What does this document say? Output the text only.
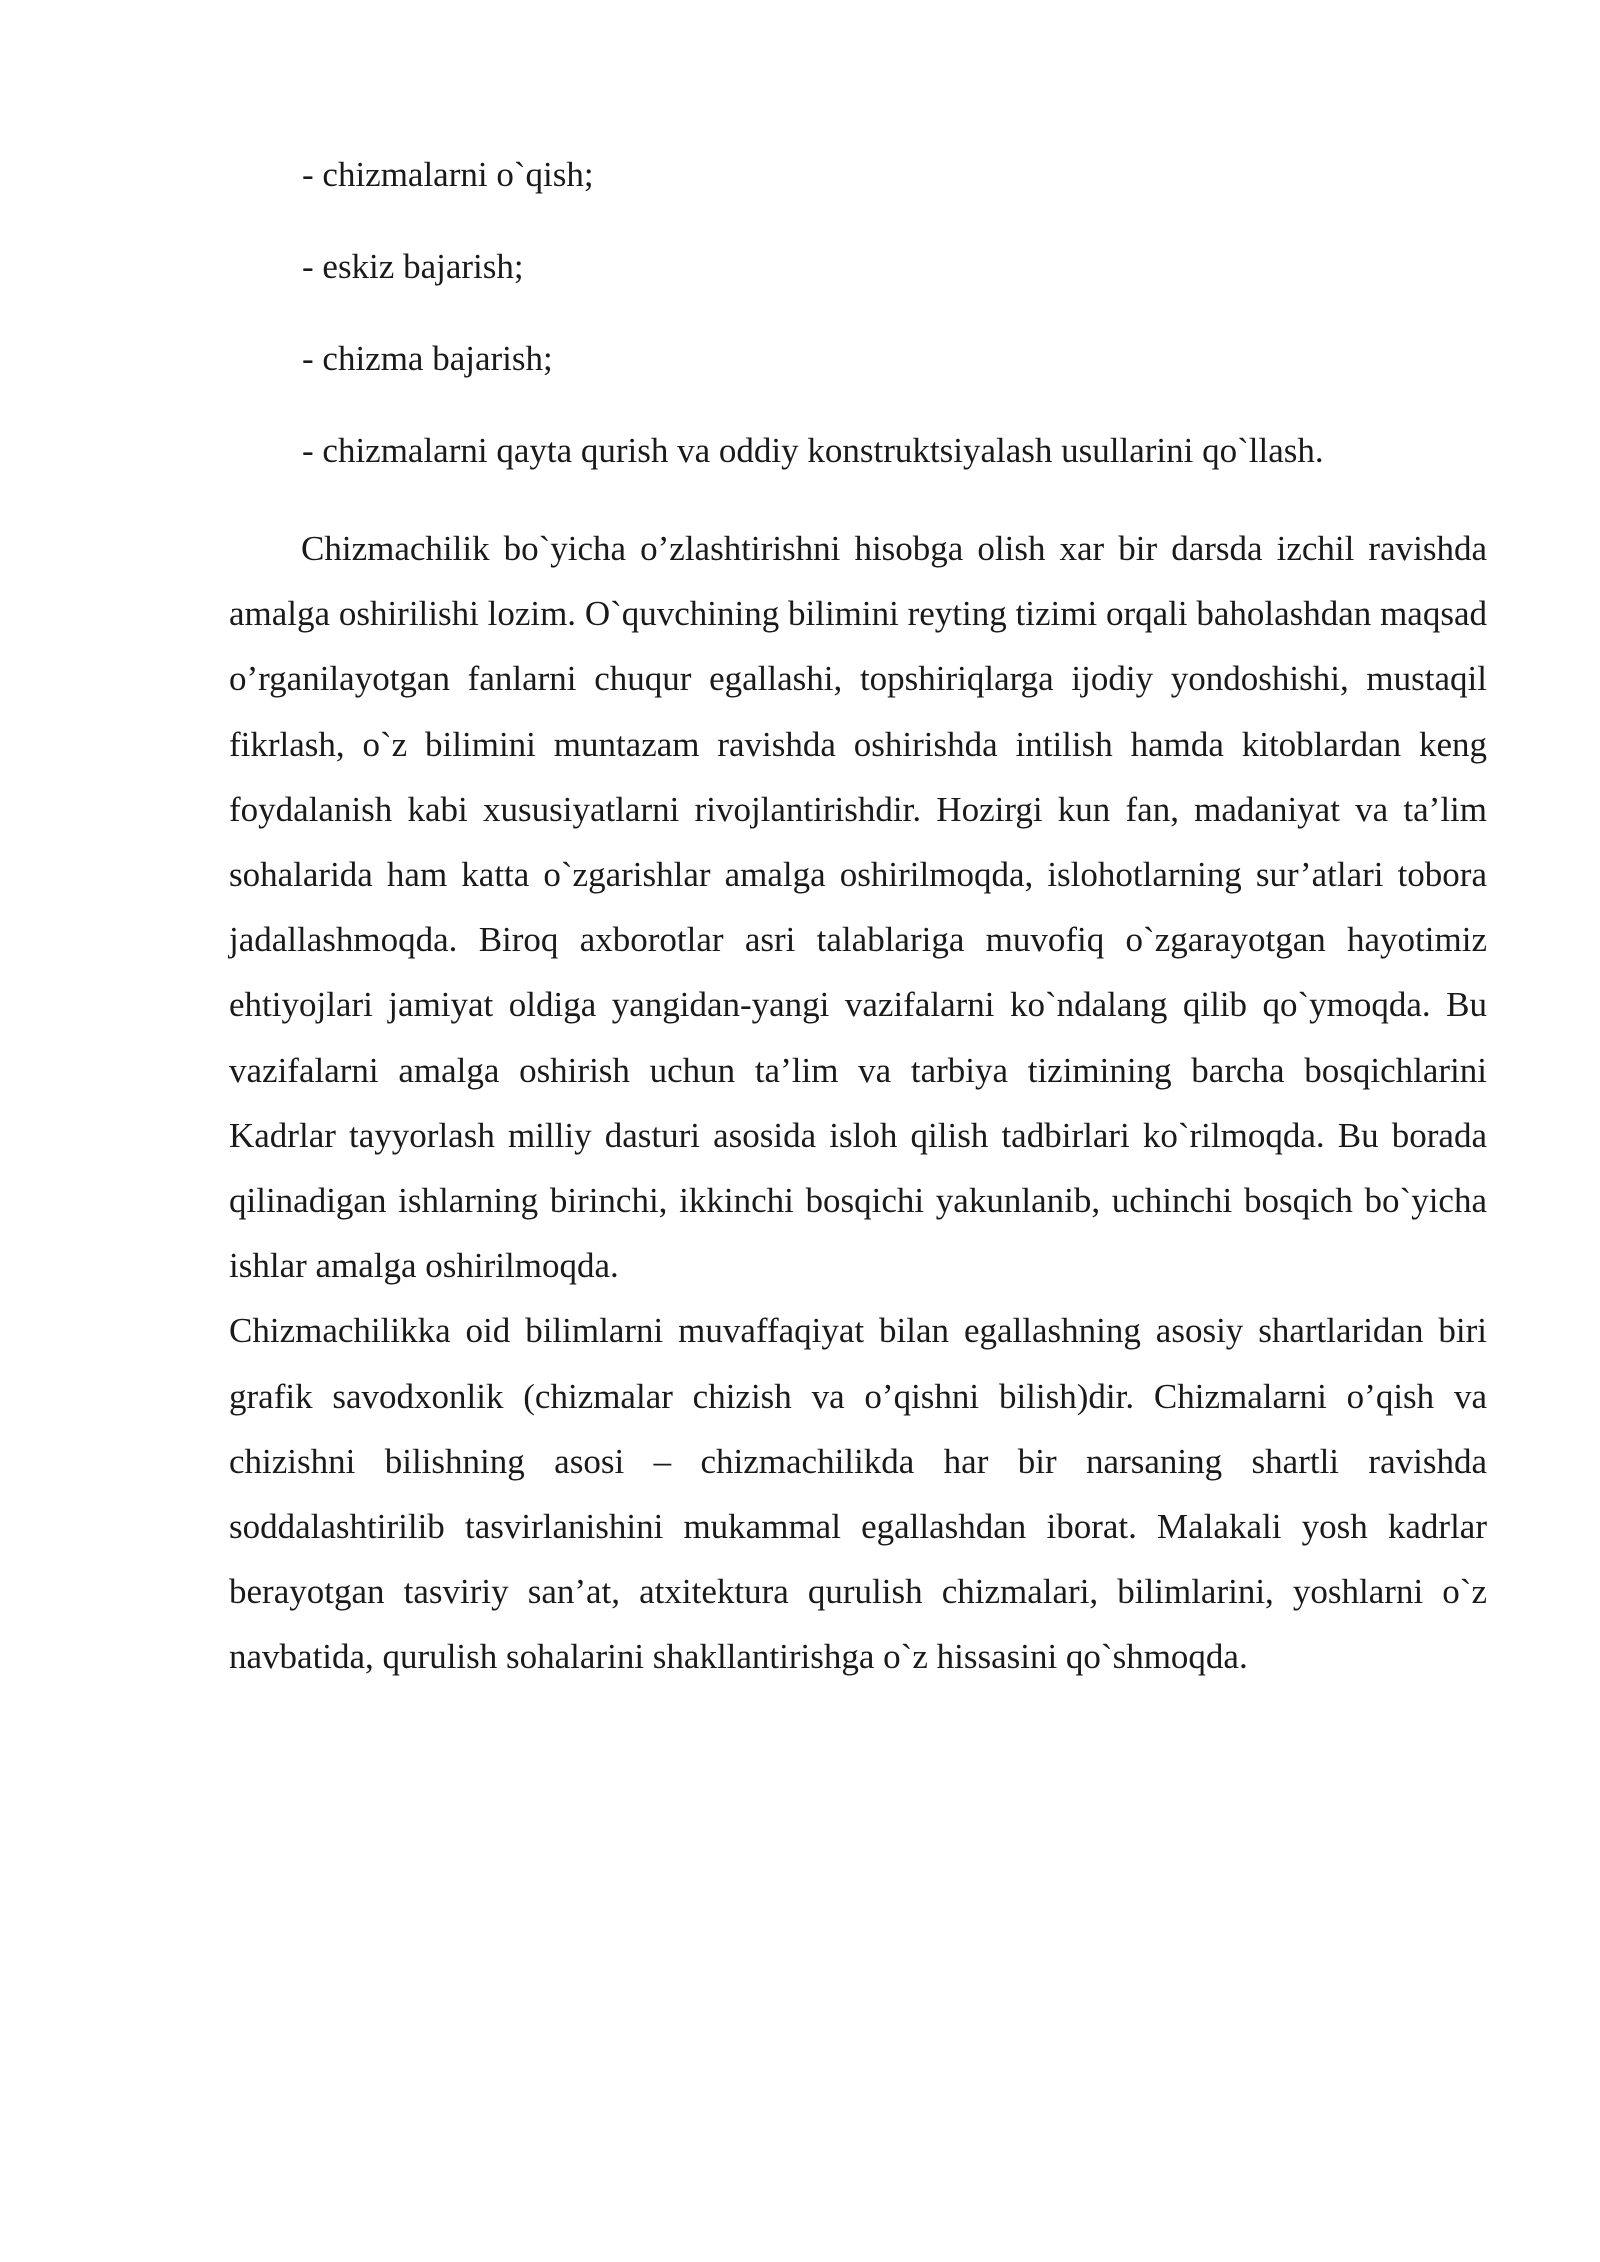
- chizmalarni o`qish;
- eskiz bajarish;
- chizma bajarish;
- chizmalarni qayta qurish va oddiy konstruktsiyalash usullarini qo`llash.

Chizmachilik bo`yicha o’zlashtirishni hisobga olish xar bir darsda izchil ravishda amalga oshirilishi lozim. O`quvchining bilimini reyting tizimi orqali baholashdan maqsad o’rganilayotgan fanlarni chuqur egallashi, topshiriqlarga ijodiy yondoshishi, mustaqil fikrlash, o`z bilimini muntazam ravishda oshirishda intilish hamda kitoblardan keng foydalanish kabi xususiyatlarni rivojlantirishdir. Hozirgi kun fan, madaniyat va ta’lim sohalarida ham katta o`zgarishlar amalga oshirilmoqda, islohotlarning sur’atlari tobora jadallashmoqda. Biroq axborotlar asri talablariga muvofiq o`zgarayotgan hayotimiz ehtiyojlari jamiyat oldiga yangidan-yangi vazifalarni ko`ndalang qilib qo`ymoqda. Bu vazifalarni amalga oshirish uchun ta’lim va tarbiya tizimining barcha bosqichlarini Kadrlar tayyorlash milliy dasturi asosida isloh qilish tadbirlari ko`rilmoqda. Bu borada qilinadigan ishlarning birinchi, ikkinchi bosqichi yakunlanib, uchinchi bosqich bo`yicha ishlar amalga oshirilmoqda.

Chizmachilikka oid bilimlarni muvaffaqiyat bilan egallashning asosiy shartlaridan biri grafik savodxonlik (chizmalar chizish va o’qishni bilish)dir. Chizmalarni o’qish va chizishni bilishning asosi – chizmachilikda har bir narsaning shartli ravishda soddalashtirilib tasvirlanishini mukammal egallashdan iborat. Malakali yosh kadrlar berayotgan tasviriy san’at, atxitektura qurulish chizmalari, bilimlarini, yoshlarni o`z navbatida, qurulish sohalarini shakllantirishga o`z hissasini qo`shmoqda.
